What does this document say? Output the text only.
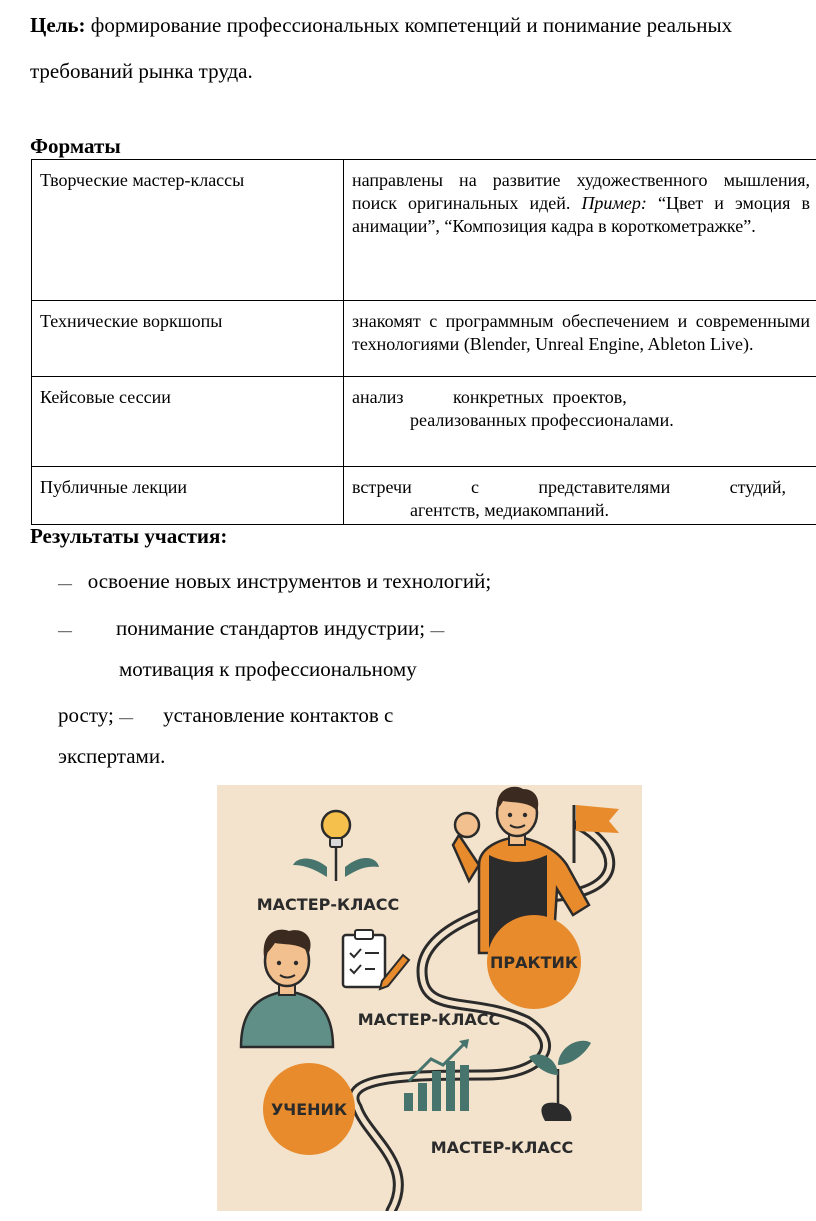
Цель: формирование профессиональных компетенций и понимание реальных требований рынка труда.

Форматы
Творческие мастер-классы	направлены на развитие художественного мышления, поиск оригинальных идей. Пример: “Цвет и эмоция в анимации”, “Композиция кадра в короткометражке”.
Технические воркшопы	знакомят с программным обеспечением и современными технологиями (Blender, Unreal Engine, Ableton Live).
Кейсовые сессии	анализ           конкретных  проектов,
реализованных профессионалами.

Публичные лекции	встречи с представителями студий,
агентств, медиакомпаний.
Результаты участия:
— освоение новых инструментов и технологий;
— понимание стандартов индустрии; —
мотивация к профессиональному
росту; — установление контактов с
экспертами.
МАСТЕР-КЛАСС
ПРАКТИК
МАСТЕР-КЛАСС
УЧЕНИК
МАСТЕР-КЛАСС
